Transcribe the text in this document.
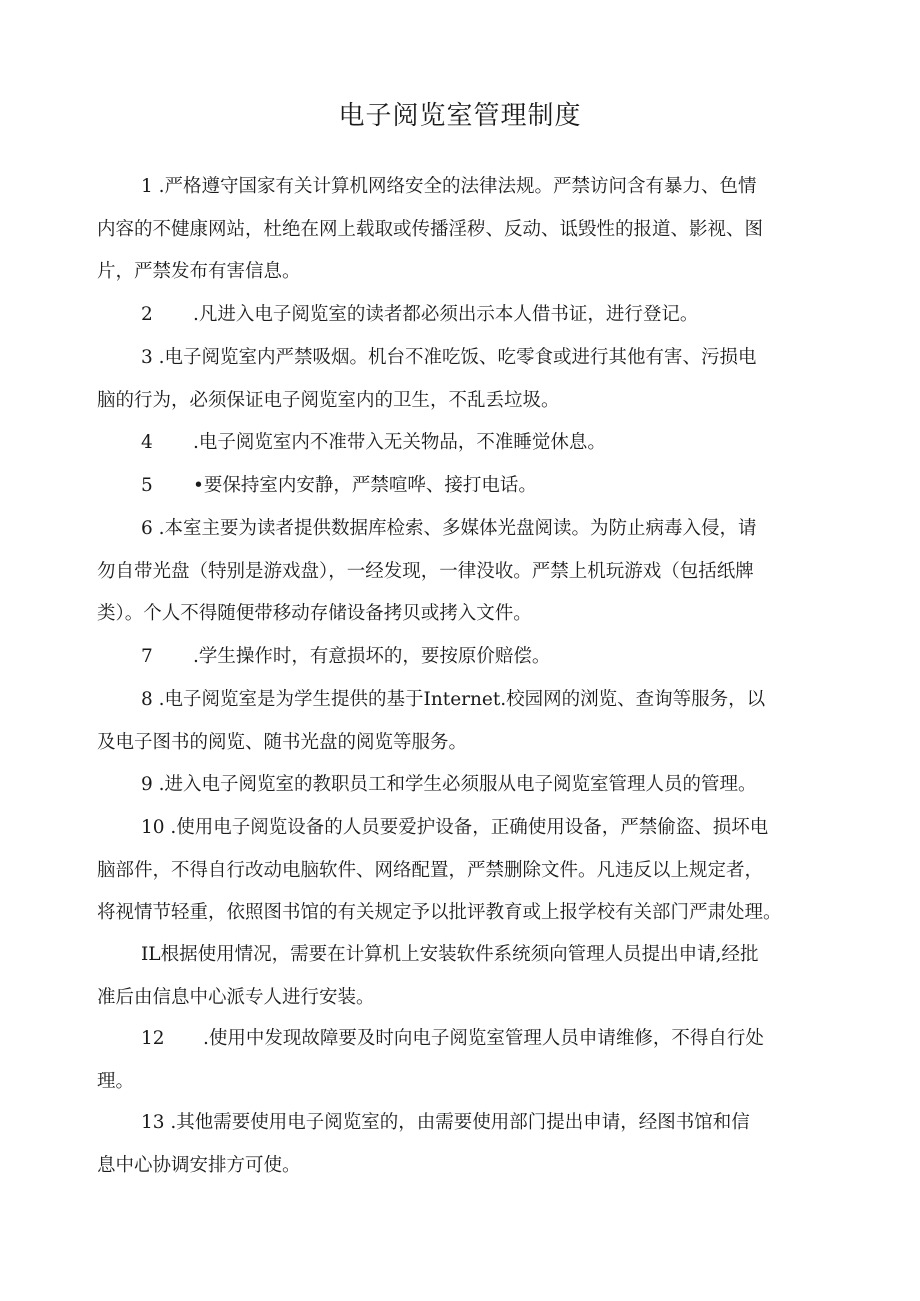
电子阅览室管理制度
1 .严格遵守国家有关计算机网络安全的法律法规。严禁访问含有暴力、色情
内容的不健康网站，杜绝在网上载取或传播淫秽、反动、诋毁性的报道、影视、图
片，严禁发布有害信息。
2 .凡进入电子阅览室的读者都必须出示本人借书证，进行登记。
3 .电子阅览室内严禁吸烟。机台不准吃饭、吃零食或进行其他有害、污损电
脑的行为，必须保证电子阅览室内的卫生，不乱丢垃圾。
4 .电子阅览室内不准带入无关物品，不准睡觉休息。
5 •要保持室内安静，严禁喧哗、接打电话。
6 .本室主要为读者提供数据库检索、多媒体光盘阅读。为防止病毒入侵，请
勿自带光盘（特别是游戏盘），一经发现，一律没收。严禁上机玩游戏（包括纸牌
类）。个人不得随便带移动存储设备拷贝或拷入文件。
7 .学生操作时，有意损坏的，要按原价赔偿。
8 .电子阅览室是为学生提供的基于Internet.校园网的浏览、查询等服务，以
及电子图书的阅览、随书光盘的阅览等服务。
9 .进入电子阅览室的教职员工和学生必须服从电子阅览室管理人员的管理。
10 .使用电子阅览设备的人员要爱护设备，正确使用设备，严禁偷盗、损坏电
脑部件，不得自行改动电脑软件、网络配置，严禁删除文件。凡违反以上规定者，
将视情节轻重，依照图书馆的有关规定予以批评教育或上报学校有关部门严肃处理。
IL根据使用情况，需要在计算机上安装软件系统须向管理人员提出申请,经批
准后由信息中心派专人进行安装。
12 .使用中发现故障要及时向电子阅览室管理人员申请维修，不得自行处
理。
13 .其他需要使用电子阅览室的，由需要使用部门提出申请，经图书馆和信
息中心协调安排方可使。
